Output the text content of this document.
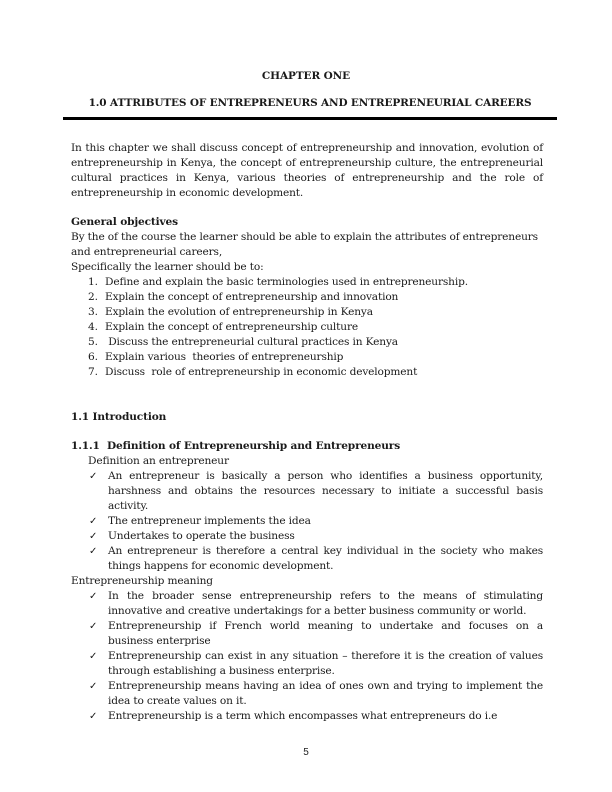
CHAPTER ONE
1.0 ATTRIBUTES OF ENTREPRENEURS AND ENTREPRENEURIAL CAREERS

In this chapter we shall discuss concept of entrepreneurship and innovation, evolution of entrepreneurship in Kenya, the concept of entrepreneurship culture, the entrepreneurial cultural practices in Kenya, various theories of entrepreneurship and the role of entrepreneurship in economic development.

General objectives

By the of the course the learner should be able to explain the attributes of entrepreneurs and entrepreneurial careers,

Specifically the learner should be to:

1. Define and explain the basic terminologies used in entrepreneurship.
2. Explain the concept of entrepreneurship and innovation
3. Explain the evolution of entrepreneurship in Kenya
4. Explain the concept of entrepreneurship culture
5. Discuss the entrepreneurial cultural practices in Kenya
6. Explain various  theories of entrepreneurship
7. Discuss  role of entrepreneurship in economic development
1.1 Introduction
1.1.1 Definition of Entrepreneurship and Entrepreneurs
Definition an entrepreneur
✓	An entrepreneur is basically a person who identifies a business opportunity, harshness and obtains the resources necessary to initiate a successful basis activity.
✓	The entrepreneur implements the idea
✓	Undertakes to operate the business
✓	An entrepreneur is therefore a central key individual in the society who makes things happens for economic development.
Entrepreneurship meaning
✓	In the broader sense entrepreneurship refers to the means of stimulating innovative and creative undertakings for a better business community or world.
✓	Entrepreneurship if French world meaning to undertake and focuses on a business enterprise
✓	Entrepreneurship can exist in any situation – therefore it is the creation of values through establishing a business enterprise.
✓	Entrepreneurship means having an idea of ones own and trying to implement the idea to create values on it.
✓	Entrepreneurship is a term which encompasses what entrepreneurs do i.e
5
